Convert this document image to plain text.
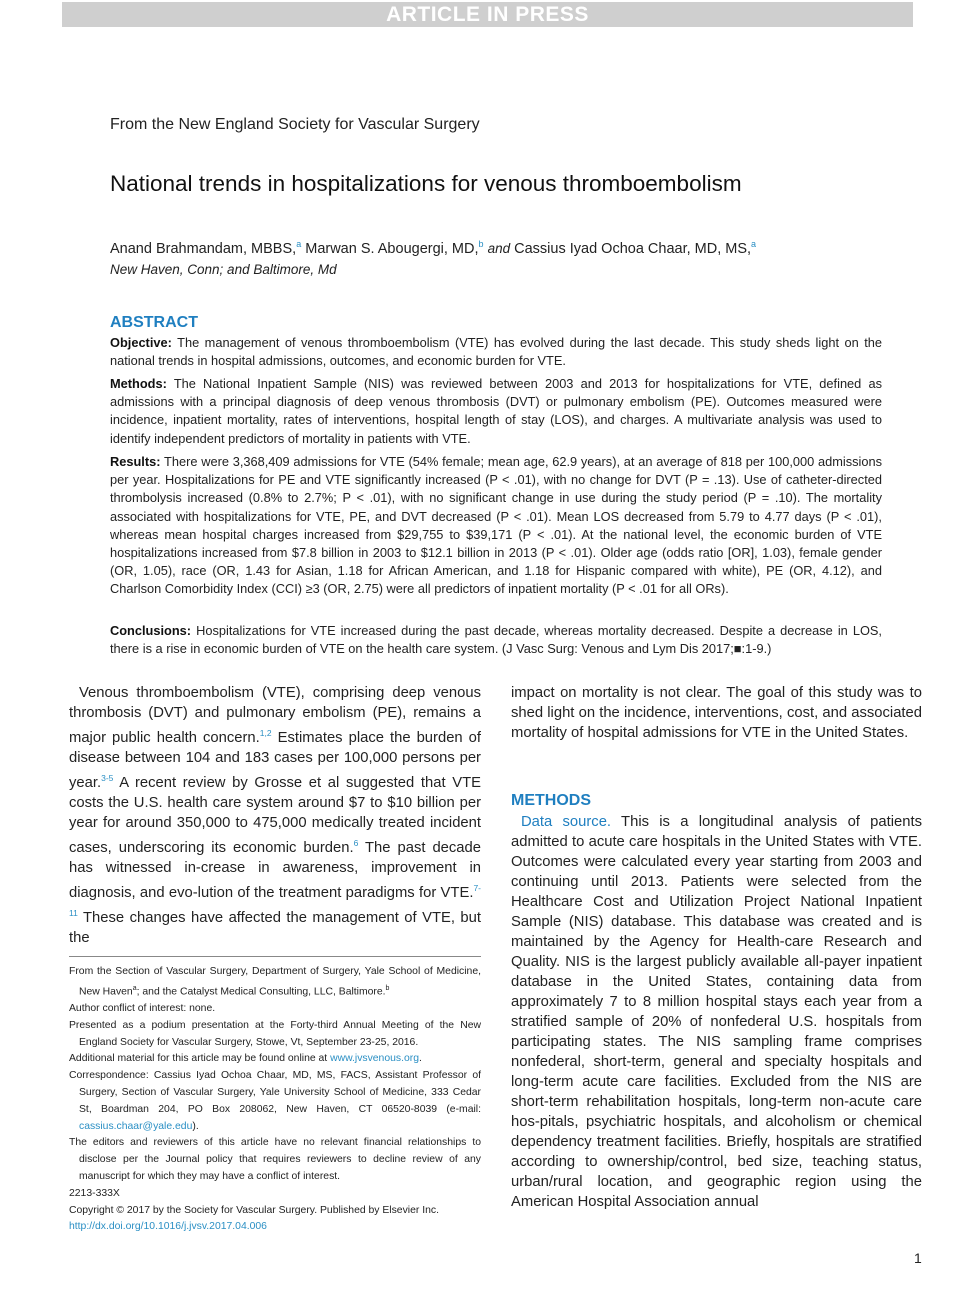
ARTICLE IN PRESS
From the New England Society for Vascular Surgery
National trends in hospitalizations for venous thromboembolism
Anand Brahmandam, MBBS,$^a$ Marwan S. Abougergi, MD,$^b$ and Cassius Iyad Ochoa Chaar, MD, MS,$^a$
New Haven, Conn; and Baltimore, Md
ABSTRACT
Objective: The management of venous thromboembolism (VTE) has evolved during the last decade. This study sheds light on the national trends in hospital admissions, outcomes, and economic burden for VTE.
Methods: The National Inpatient Sample (NIS) was reviewed between 2003 and 2013 for hospitalizations for VTE, defined as admissions with a principal diagnosis of deep venous thrombosis (DVT) or pulmonary embolism (PE). Outcomes measured were incidence, inpatient mortality, rates of interventions, hospital length of stay (LOS), and charges. A multivariate analysis was used to identify independent predictors of mortality in patients with VTE.
Results: There were 3,368,409 admissions for VTE (54% female; mean age, 62.9 years), at an average of 818 per 100,000 admissions per year. Hospitalizations for PE and VTE significantly increased (P < .01), with no change for DVT (P = .13). Use of catheter-directed thrombolysis increased (0.8% to 2.7%; P < .01), with no significant change in use during the study period (P = .10). The mortality associated with hospitalizations for VTE, PE, and DVT decreased (P < .01). Mean LOS decreased from 5.79 to 4.77 days (P < .01), whereas mean hospital charges increased from $29,755 to $39,171 (P < .01). At the national level, the economic burden of VTE hospitalizations increased from $7.8 billion in 2003 to $12.1 billion in 2013 (P < .01). Older age (odds ratio [OR], 1.03), female gender (OR, 1.05), race (OR, 1.43 for Asian, 1.18 for African American, and 1.18 for Hispanic compared with white), PE (OR, 4.12), and Charlson Comorbidity Index (CCI) ≥3 (OR, 2.75) were all predictors of inpatient mortality (P < .01 for all ORs).
Conclusions: Hospitalizations for VTE increased during the past decade, whereas mortality decreased. Despite a decrease in LOS, there is a rise in economic burden of VTE on the health care system. (J Vasc Surg: Venous and Lym Dis 2017;■:1-9.)
Venous thromboembolism (VTE), comprising deep venous thrombosis (DVT) and pulmonary embolism (PE), remains a major public health concern.$^{1,2}$ Estimates place the burden of disease between 104 and 183 cases per 100,000 persons per year.$^{3-5}$ A recent review by Grosse et al suggested that VTE costs the U.S. health care system around $7 to $10 billion per year for around 350,000 to 475,000 medically treated incident cases, underscoring its economic burden.$^6$ The past decade has witnessed in-crease in awareness, improvement in diagnosis, and evo-lution of the treatment paradigms for VTE.$^{7-11}$ These changes have affected the management of VTE, but the
impact on mortality is not clear. The goal of this study was to shed light on the incidence, interventions, cost, and associated mortality of hospital admissions for VTE in the United States.
METHODS
Data source. This is a longitudinal analysis of patients admitted to acute care hospitals in the United States with VTE. Outcomes were calculated every year starting from 2003 and continuing until 2013. Patients were selected from the Healthcare Cost and Utilization Project National Inpatient Sample (NIS) database. This database was created and is maintained by the Agency for Health-care Research and Quality. NIS is the largest publicly available all-payer inpatient database in the United States, containing data from approximately 7 to 8 million hospital stays each year from a stratified sample of 20% of nonfederal U.S. hospitals from participating states. The NIS sampling frame comprises nonfederal, short-term, general and specialty hospitals and long-term acute care facilities. Excluded from the NIS are short-term rehabilitation hospitals, long-term non-acute care hos-pitals, psychiatric hospitals, and alcoholism or chemical dependency treatment facilities. Briefly, hospitals are stratified according to ownership/control, bed size, teaching status, urban/rural location, and geographic region using the American Hospital Association annual
From the Section of Vascular Surgery, Department of Surgery, Yale School of Medicine, New Haven$^a$; and the Catalyst Medical Consulting, LLC, Baltimore.$^b$
Author conflict of interest: none.
Presented as a podium presentation at the Forty-third Annual Meeting of the New England Society for Vascular Surgery, Stowe, Vt, September 23-25, 2016.
Additional material for this article may be found online at www.jvsvenous.org.
Correspondence: Cassius Iyad Ochoa Chaar, MD, MS, FACS, Assistant Professor of Surgery, Section of Vascular Surgery, Yale University School of Medicine, 333 Cedar St, Boardman 204, PO Box 208062, New Haven, CT 06520-8039 (e-mail: cassius.chaar@yale.edu).
The editors and reviewers of this article have no relevant financial relationships to disclose per the Journal policy that requires reviewers to decline review of any manuscript for which they may have a conflict of interest.
2213-333X
Copyright © 2017 by the Society for Vascular Surgery. Published by Elsevier Inc.
http://dx.doi.org/10.1016/j.jvsv.2017.04.006
1
